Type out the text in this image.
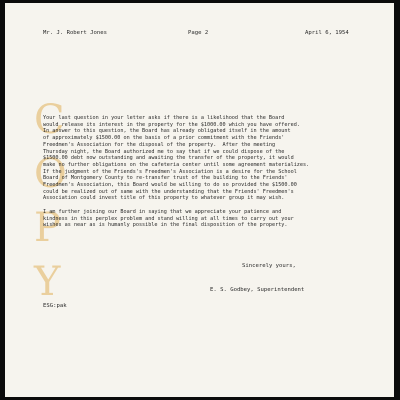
Mr. J. Robert Jones	Page 2	April 6, 1954
C
O
P
Y
Your last question in your letter asks if there is a likelihood that the Board
would release its interest in the property for the $1000.00 which you have offered.
In answer to this question, the Board has already obligated itself in the amount
of approximately $1500.00 on the basis of a prior commitment with the Friends'
Freedmen's Association for the disposal of the property.  After the meeting
Thursday night, the Board authorized me to say that if we could dispose of the
$1500.00 debt now outstanding and awaiting the transfer of the property, it would
make no further obligations on the cafeteria center until some agreement materializes.
If the judgment of the Friends's Freedmen's Association is a desire for the School
Board of Montgomery County to re-transfer trust of the building to the Friends'
Freedmen's Association, this Board would be willing to do so provided the $1500.00
could be realized out of same with the understanding that the Friends' Freedmen's
Association could invest title of this property to whatever group it may wish.
I am further joining our Board in saying that we appreciate your patience and
kindness in this perplex problem and stand willing at all times to carry out your
wishes as near as is humanly possible in the final disposition of the property.
Sincerely yours,
E. S. Godbey, Superintendent
ESG:pak
